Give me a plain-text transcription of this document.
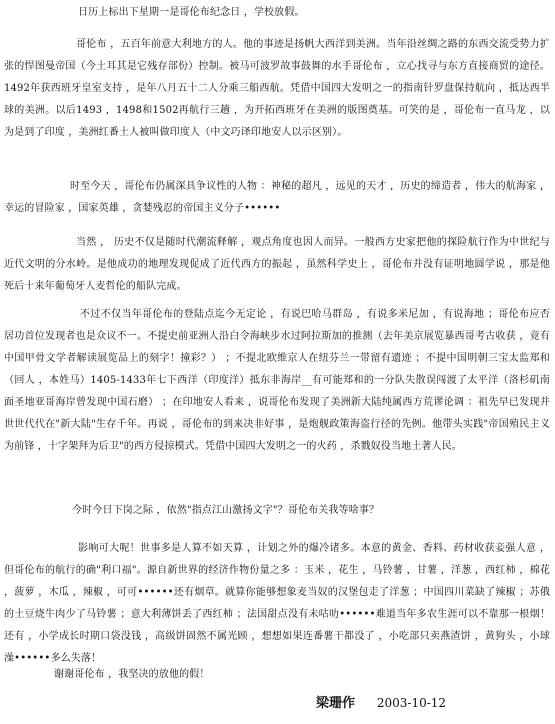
日历上标出下星期一是哥伦布纪念日 ，学校放假。

哥伦布 ，五百年前意大利地方的人。他的事迹是扬帆大西洋到美洲。当年沿丝绸之路的东西交流受势力扩张的悍图曼帝国（今土耳其是它残存部份）控制。被马可波罗故事鼓舞的水手哥伦布 ，立心找寻与东方直接商贸的途径。1492年获西班牙皇室支持 ，是年八月五十二人分乘三船西航。凭借中国四大发明之一的指南针罗盘保持航向 ，抵达西半球的美洲。以后1493 ，1498和1502再航行三趟 ，为开拓西班牙在美洲的版图奠基。可笑的是 ，哥伦布一直马龙 ，以为是到了印度 ，美洲红番土人被叫做印度人（中文巧译印地安人以示区别）。

时至今天 ，哥伦布仍属深具争议性的人物 ：神秘的超凡 ，远见的天才 ，历史的缔造者 ，伟大的航海家 ，幸运的冒险家 ，国家英雄 ，贪婪残忍的帝国主义分子••••••

当然 ， 历史不仅是随时代潮流释解 ，观点角度也因人而异。一般西方史家把他的探险航行作为中世纪与近代文明的分水岭。是他成功的地理发现促成了近代西方的振起 ，虽然科学史上 ，哥伦布并没有证明地圆学说 ，那是他死后十来年葡萄牙人麦哲伦的船队完成。

不过不仅当年哥伦布的登陆点迄今无定论 ，有说巴哈马群岛 ，有说多米尼加 ，有说海地 ；哥伦布应否居功首位发现者也是众议不一。不提史前亚洲人沿白令海峡步水过阿拉斯加的推测（去年美京展览暴西哥考古收获 ，竟有中国甲骨文学者解读展览品上的刻字！撞彩？） ；不提北欧维京人在纽芬兰一带留有遗迹 ；不提中国明朝三宝太监郑和（回人 ，本姓马）1405-1433年七下西洋（印度洋）抵东非海岸__有可能郑和的一分队失散误闯渡了太平洋（洛杉矶南面圣地亚哥海岸曾发现中国石磨） ；在印地安人看来 ，说哥伦布发现了美洲新大陆纯属西方荒谬论调 ：祖先早已发现并世世代代在"新大陆"生存千年。再说 ，哥伦布的到来决非好事 ，是炮舰政策海盗行径的先例。他带头实践"帝国殖民主义为前锋 ，十字架拜为后卫"的西方侵掠模式。凭借中国四大发明之一的火药 ，杀戮奴役当地土著人民。

今时今日下岗之际 ，依然"指点江山激扬文字"？哥伦布关我等啥事？

影响可大呢！世事多是人算不如天算 ，计划之外的爆冷诸多。本意的黄金、香料、药材收获妾强人意 ，但哥伦布的航行的确"利口福"。源自新世界的经济作物份量之多 ：玉米 ，花生 ，马铃薯 ，甘薯 ，洋葱 ，西红柿 ，棉花 ，菠萝 ，木瓜 ，辣椒 ，可可••••••还有烟草。就算你能够想象麦当奴的汉堡包走了洋葱 ；中国四川菜缺了辣椒 ；苏俄的土豆烧牛肉少了马铃薯 ；意大利薄饼丢了西红柿 ；法国甜点没有未咕叻••••••难道当年多农生涯可以不靠那一根烟！ 还有 ，小学成长时期口袋没钱 ，高级饼固然不属光顾 ，想想如果连番薯干都没了 ，小吃部只卖燕渣饼 ，黄狗头 ，小球澡••••••多么失落！

谢谢哥伦布 ，我坚决的放他的假！

梁珊作 2003-10-12
